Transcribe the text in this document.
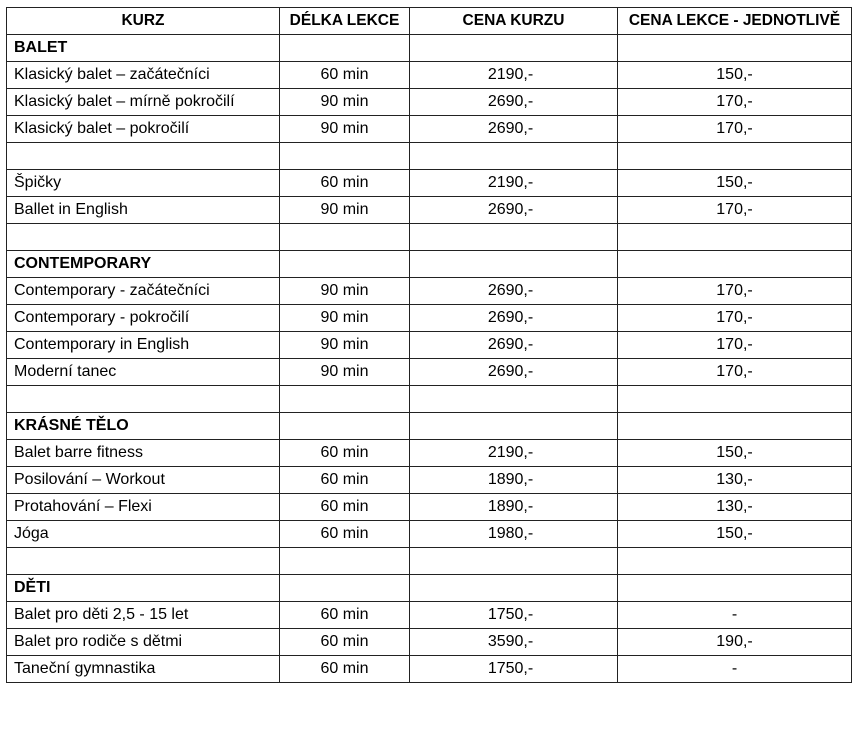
KURZ	DÉLKA LEKCE	CENA KURZU	CENA LEKCE - JEDNOTLIVĚ
BALET			
Klasický balet – začátečníci	60 min	2190,-	150,-
Klasický balet – mírně pokročilí	90 min	2690,-	170,-
Klasický balet – pokročilí	90 min	2690,-	170,-

Špičky	60 min	2190,-	150,-
Ballet in English	90 min	2690,-	170,-

CONTEMPORARY			
Contemporary - začátečníci	90 min	2690,-	170,-
Contemporary - pokročilí	90 min	2690,-	170,-
Contemporary in English	90 min	2690,-	170,-
Moderní tanec	90 min	2690,-	170,-

KRÁSNÉ TĚLO			
Balet barre fitness	60 min	2190,-	150,-
Posilování – Workout	60 min	1890,-	130,-
Protahování – Flexi	60 min	1890,-	130,-
Jóga	60 min	1980,-	150,-

DĚTI			
Balet pro děti 2,5 - 15 let	60 min	1750,-	-
Balet pro rodiče s dětmi	60 min	3590,-	190,-
Taneční gymnastika	60 min	1750,-	-
